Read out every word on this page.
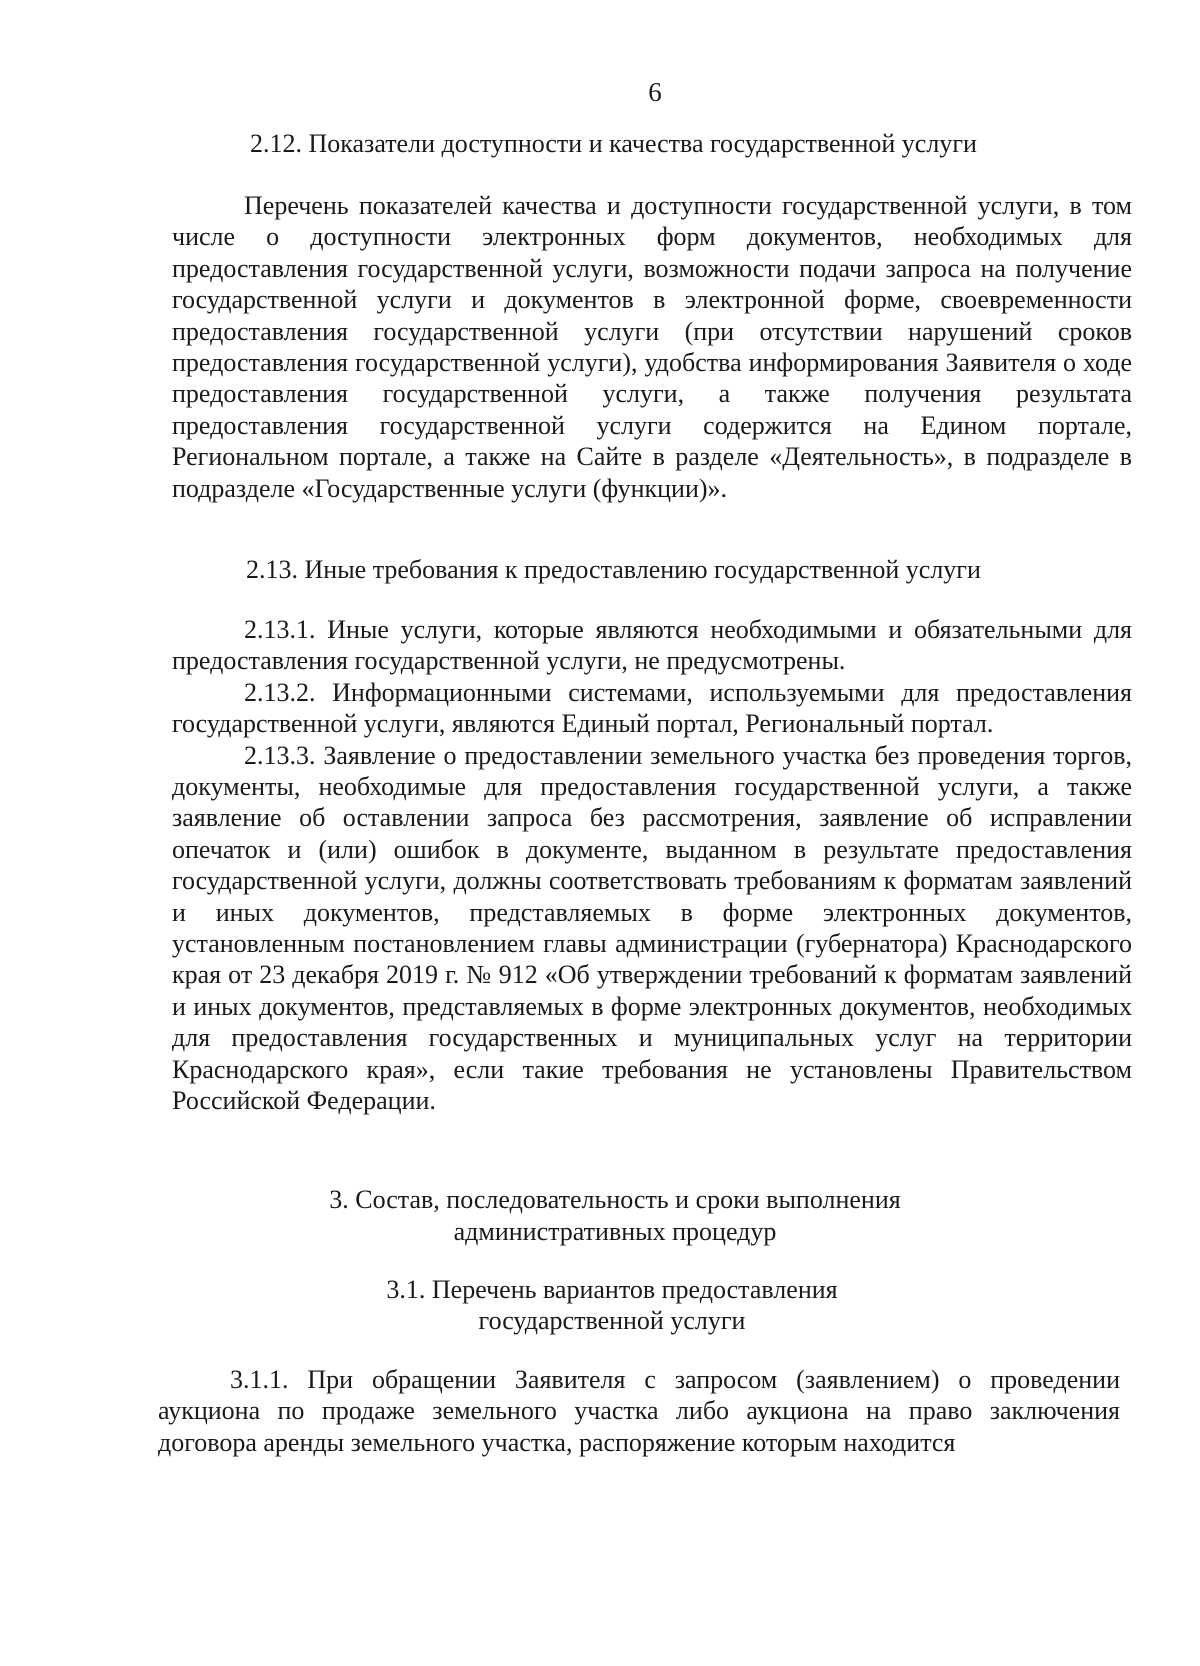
6
2.12. Показатели доступности и качества государственной услуги

Перечень показателей качества и доступности государственной услуги, в том числе о доступности электронных форм документов, необходимых для предоставления государственной услуги, возможности подачи запроса на получение государственной услуги и документов в электронной форме, своевременности предоставления государственной услуги (при отсутствии нарушений сроков предоставления государственной услуги), удобства информирования Заявителя о ходе предоставления государственной услуги, а также получения результата предоставления государственной услуги содержится на Едином портале, Региональном портале, а также на Сайте в разделе «Деятельность», в подразделе в подразделе «Государственные услуги (функции)».

2.13. Иные требования к предоставлению государственной услуги

2.13.1. Иные услуги, которые являются необходимыми и обязательными для предоставления государственной услуги, не предусмотрены.

2.13.2. Информационными системами, используемыми для предоставления государственной услуги, являются Единый портал, Региональный портал.

2.13.3. Заявление о предоставлении земельного участка без проведения торгов, документы, необходимые для предоставления государственной услуги, а также заявление об оставлении запроса без рассмотрения, заявление об исправлении опечаток и (или) ошибок в документе, выданном в результате предоставления государственной услуги, должны соответствовать требованиям к форматам заявлений и иных документов, представляемых в форме электронных документов, установленным постановлением главы администрации (губернатора) Краснодарского края от 23 декабря 2019 г. № 912 «Об утверждении требований к форматам заявлений и иных документов, представляемых в форме электронных документов, необходимых для предоставления государственных и муниципальных услуг на территории Краснодарского края», если такие требования не установлены Правительством Российской Федерации.

3. Состав, последовательность и сроки выполнения
административных процедур
3.1. Перечень вариантов предоставления
государственной услуги

3.1.1. При обращении Заявителя с запросом (заявлением) о проведении аукциона по продаже земельного участка либо аукциона на право заключения договора аренды земельного участка, распоряжение которым находится
